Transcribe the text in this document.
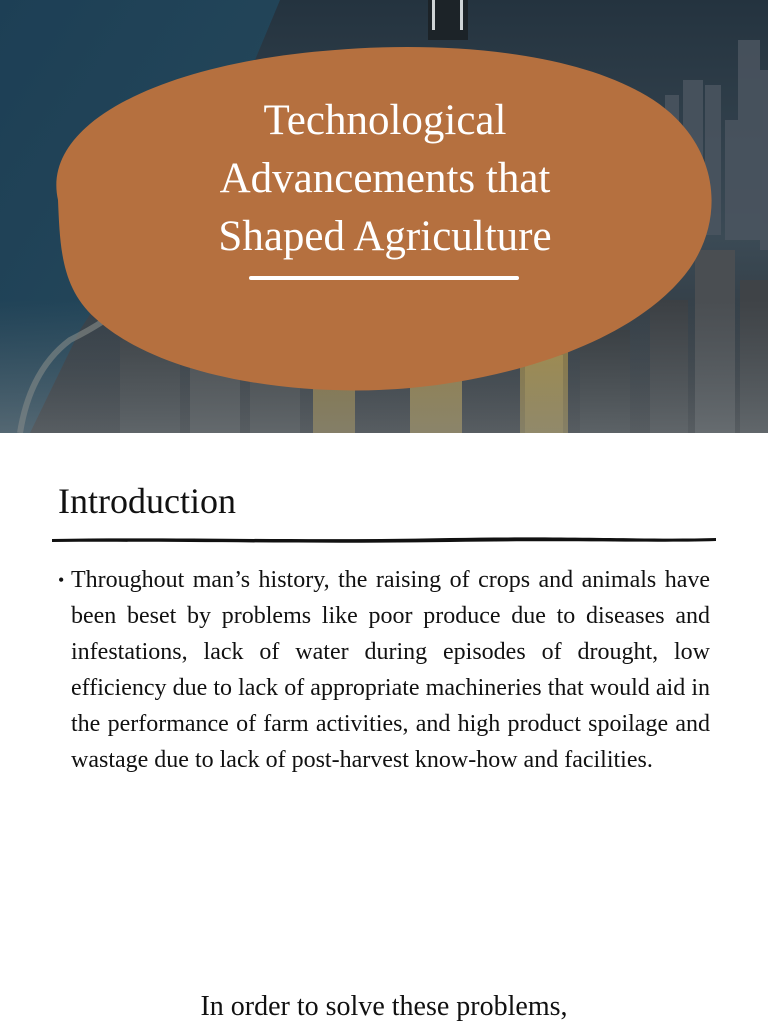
Technological
Advancements that
Shaped Agriculture
Introduction
• Throughout man’s history, the raising of crops and animals have been beset by problems like poor produce due to diseases and infestations, lack of water during episodes of drought, low efficiency due to lack of appropriate machineries that would aid in the performance of farm activities, and high product spoilage and wastage due to lack of post-harvest know-how and facilities.
In order to solve these problems,
